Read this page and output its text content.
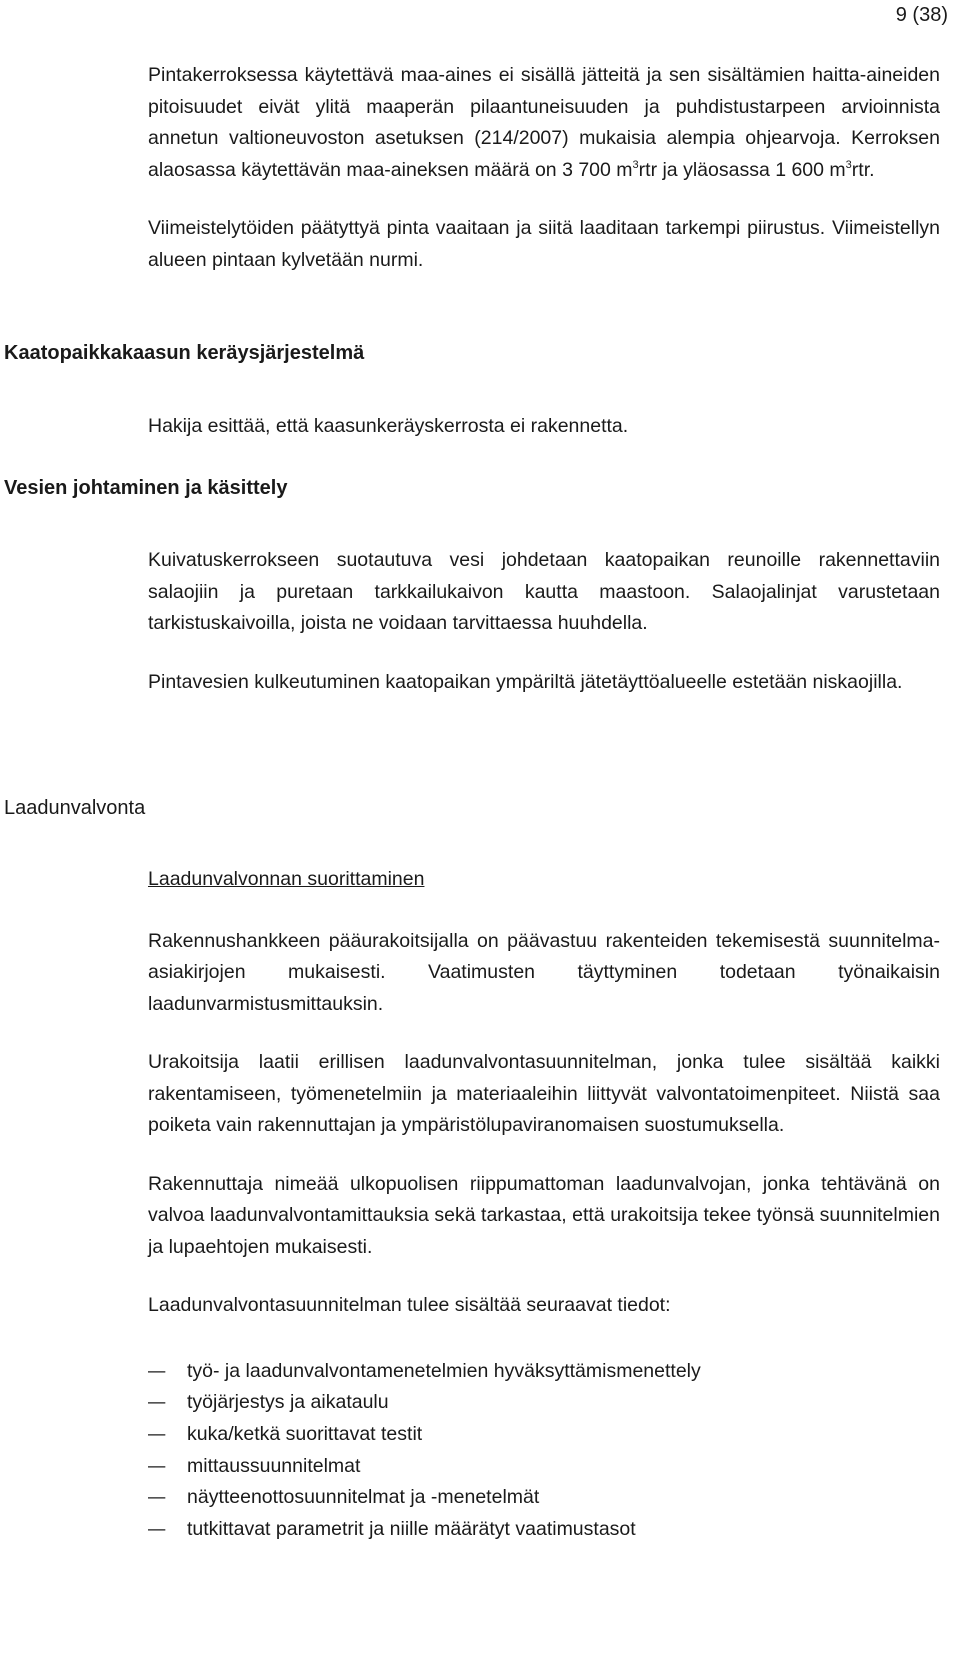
9 (38)

Pintakerroksessa käytettävä maa-aines ei sisällä jätteitä ja sen sisältämien haitta-aineiden pitoisuudet eivät ylitä maaperän pilaantuneisuuden ja puhdistustarpeen arvioinnista annetun valtioneuvoston asetuksen (214/2007) mukaisia alempia ohjearvoja. Kerroksen alaosassa käytettävän maa-aineksen määrä on 3 700 $m^3rtr$ ja yläosassa 1 600 $m^3rtr$.

Viimeistelytöiden päätyttyä pinta vaaitaan ja siitä laaditaan tarkempi piirustus. Viimeistellyn alueen pintaan kylvetään nurmi.

Kaatopaikkakaasun keräysjärjestelmä

Hakija esittää, että kaasunkeräyskerrosta ei rakennetta.

Vesien johtaminen ja käsittely

Kuivatuskerrokseen suotautuva vesi johdetaan kaatopaikan reunoille rakennettaviin salaojiin ja puretaan tarkkailukaivon kautta maastoon. Salaojalinjat varustetaan tarkistuskaivoilla, joista ne voidaan tarvittaessa huuhdella.

Pintavesien kulkeutuminen kaatopaikan ympäriltä jätetäyttöalueelle estetään niskaojilla.

Laadunvalvonta

Laadunvalvonnan suorittaminen

Rakennushankkeen pääurakoitsijalla on päävastuu rakenteiden tekemisestä suunnitelma-asiakirjojen mukaisesti. Vaatimusten täyttyminen todetaan työnaikaisin laadunvarmistusmittauksin.

Urakoitsija laatii erillisen laadunvalvontasuunnitelman, jonka tulee sisältää kaikki rakentamiseen, työmenetelmiin ja materiaaleihin liittyvät valvontatoimenpiteet. Niistä saa poiketa vain rakennuttajan ja ympäristölupaviranomaisen suostumuksella.

Rakennuttaja nimeää ulkopuolisen riippumattoman laadunvalvojan, jonka tehtävänä on valvoa laadunvalvontamittauksia sekä tarkastaa, että urakoitsija tekee työnsä suunnitelmien ja lupaehtojen mukaisesti.

Laadunvalvontasuunnitelman tulee sisältää seuraavat tiedot:

– työ- ja laadunvalvontamenetelmien hyväksyttämismenettely
– työjärjestys ja aikataulu
– kuka/ketkä suorittavat testit
– mittaussuunnitelmat
– näytteenottosuunnitelmat ja -menetelmät
– tutkittavat parametrit ja niille määrätyt vaatimustasot
